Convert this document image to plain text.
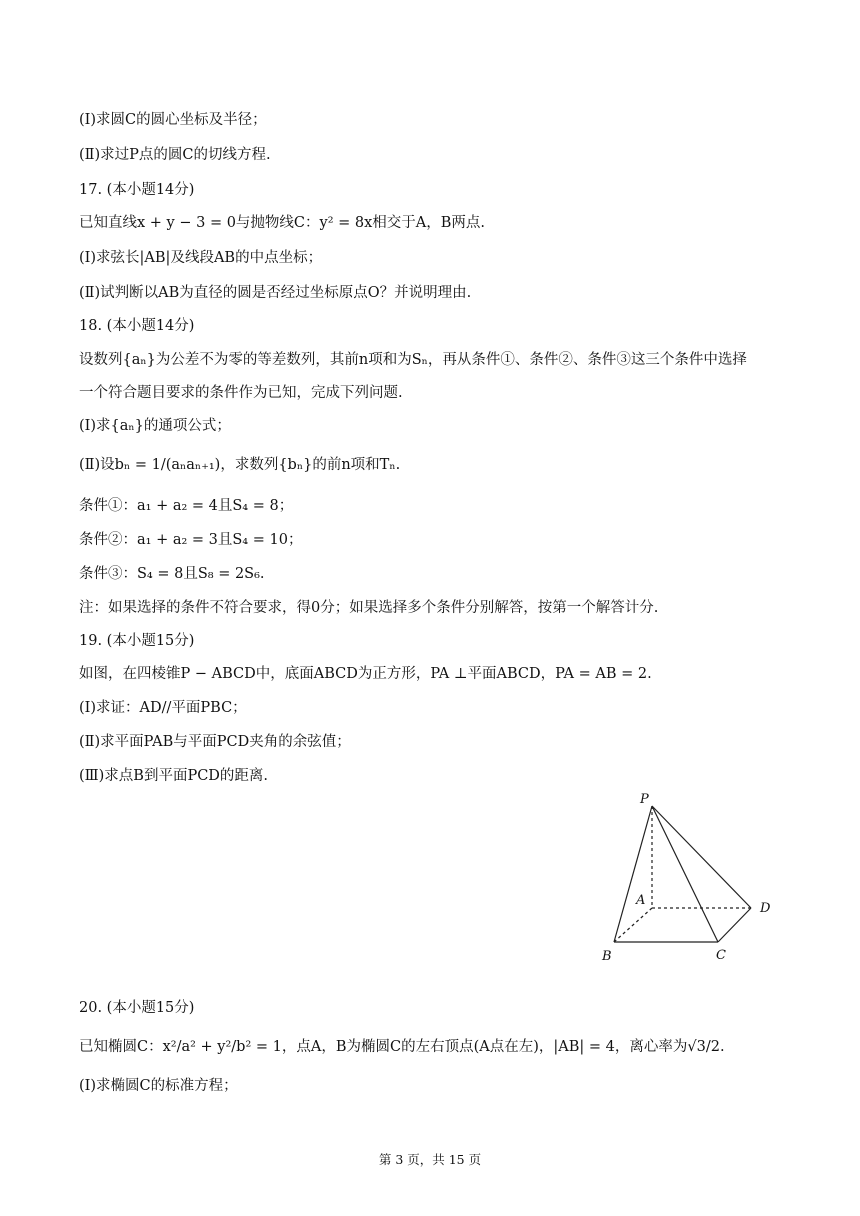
(Ⅰ)求圆C的圆心坐标及半径；
(Ⅱ)求过P点的圆C的切线方程.
17. (本小题14分)
已知直线x + y − 3 = 0与抛物线C：y² = 8x相交于A，B两点.
(Ⅰ)求弦长|AB|及线段AB的中点坐标；
(Ⅱ)试判断以AB为直径的圆是否经过坐标原点O？并说明理由.
18. (本小题14分)
设数列{aₙ}为公差不为零的等差数列，其前n项和为Sₙ，再从条件①、条件②、条件③这三个条件中选择
一个符合题目要求的条件作为已知，完成下列问题.
(Ⅰ)求{aₙ}的通项公式；
(Ⅱ)设bₙ = 1/(aₙaₙ₊₁)，求数列{bₙ}的前n项和Tₙ.
条件①：a₁ + a₂ = 4且S₄ = 8；
条件②：a₁ + a₂ = 3且S₄ = 10；
条件③：S₄ = 8且S₈ = 2S₆.
注：如果选择的条件不符合要求，得0分；如果选择多个条件分别解答，按第一个解答计分.
19. (本小题15分)
如图，在四棱锥P − ABCD中，底面ABCD为正方形，PA ⊥平面ABCD，PA = AB = 2.
(Ⅰ)求证：AD//平面PBC；
(Ⅱ)求平面PAB与平面PCD夹角的余弦值；
(Ⅲ)求点B到平面PCD的距离.
P
A
B	C
D
20. (本小题15分)
已知椭圆C：x²/a² + y²/b² = 1，点A，B为椭圆C的左右顶点(A点在左)，|AB| = 4，离心率为√3/2.
(Ⅰ)求椭圆C的标准方程；
第 3 页，共 15 页
